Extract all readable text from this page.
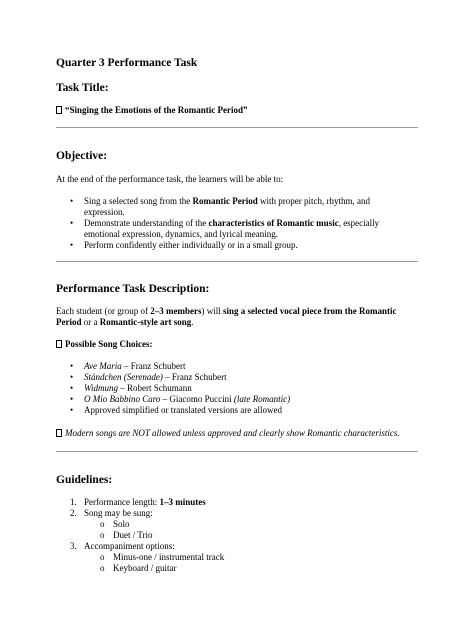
Quarter 3 Performance Task
Task Title:
“Singing the Emotions of the Romantic Period”
Objective:
At the end of the performance task, the learners will be able to:
• Sing a selected song from the Romantic Period with proper pitch, rhythm, and
expression.
• Demonstrate understanding of the characteristics of Romantic music, especially
emotional expression, dynamics, and lyrical meaning.
• Perform confidently either individually or in a small group.
Performance Task Description:
Each student (or group of 2–3 members) will sing a selected vocal piece from the Romantic
Period or a Romantic-style art song.
Possible Song Choices:
• Ave Maria – Franz Schubert
• Ständchen (Serenade) – Franz Schubert
• Widmung – Robert Schumann
• O Mio Babbino Caro – Giacomo Puccini (late Romantic)
• Approved simplified or translated versions are allowed
Modern songs are NOT allowed unless approved and clearly show Romantic characteristics.
Guidelines:
1. Performance length: 1–3 minutes
2. Song may be sung:
o Solo
o Duet / Trio
3. Accompaniment options:
o Minus-one / instrumental track
o Keyboard / guitar
